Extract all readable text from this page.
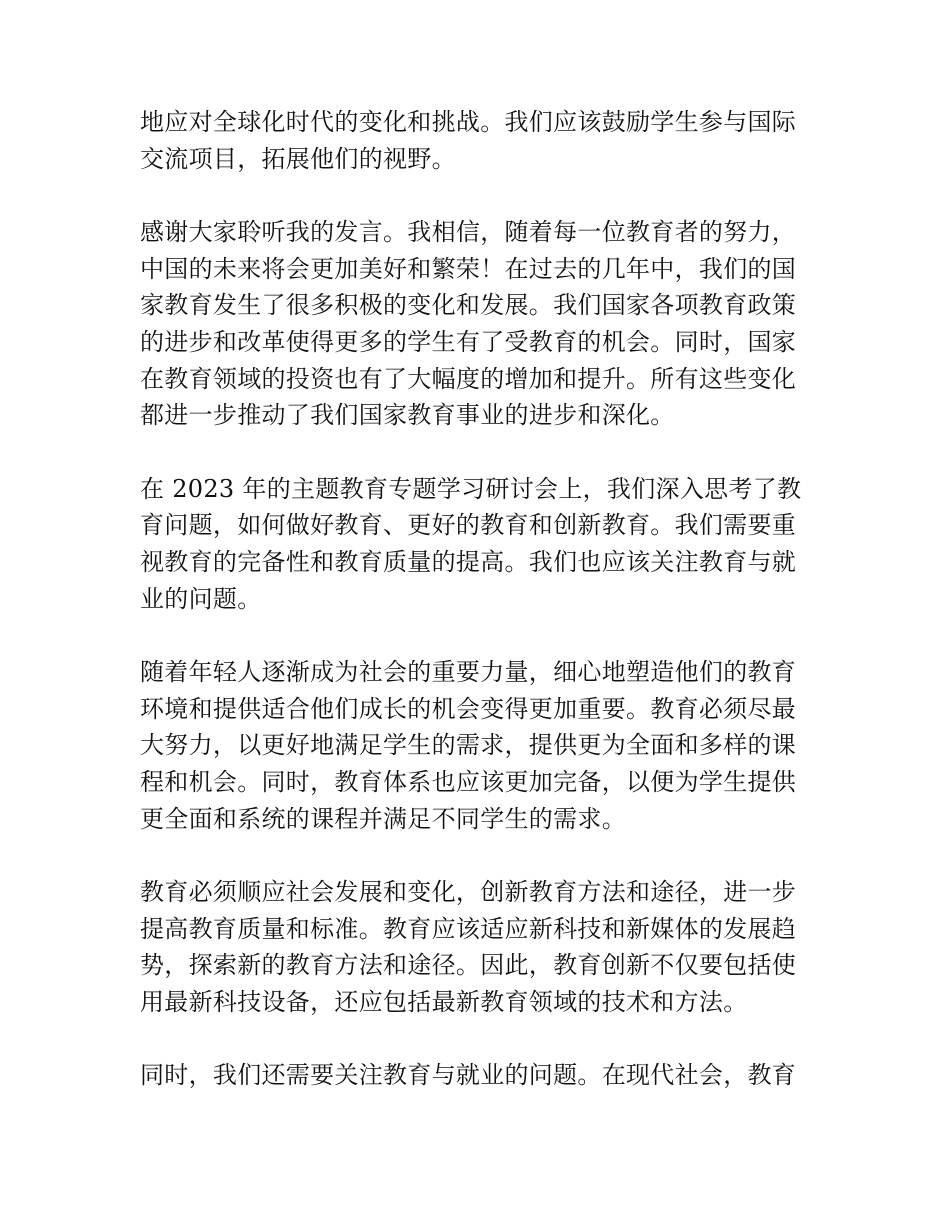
地应对全球化时代的变化和挑战。我们应该鼓励学生参与国际
交流项目，拓展他们的视野。

感谢大家聆听我的发言。我相信，随着每一位教育者的努力，
中国的未来将会更加美好和繁荣！在过去的几年中，我们的国
家教育发生了很多积极的变化和发展。我们国家各项教育政策
的进步和改革使得更多的学生有了受教育的机会。同时，国家
在教育领域的投资也有了大幅度的增加和提升。所有这些变化
都进一步推动了我们国家教育事业的进步和深化。

在 2023 年的主题教育专题学习研讨会上，我们深入思考了教
育问题，如何做好教育、更好的教育和创新教育。我们需要重
视教育的完备性和教育质量的提高。我们也应该关注教育与就
业的问题。

随着年轻人逐渐成为社会的重要力量，细心地塑造他们的教育
环境和提供适合他们成长的机会变得更加重要。教育必须尽最
大努力，以更好地满足学生的需求，提供更为全面和多样的课
程和机会。同时，教育体系也应该更加完备，以便为学生提供
更全面和系统的课程并满足不同学生的需求。

教育必须顺应社会发展和变化，创新教育方法和途径，进一步
提高教育质量和标准。教育应该适应新科技和新媒体的发展趋
势，探索新的教育方法和途径。因此，教育创新不仅要包括使
用最新科技设备，还应包括最新教育领域的技术和方法。

同时，我们还需要关注教育与就业的问题。在现代社会，教育
